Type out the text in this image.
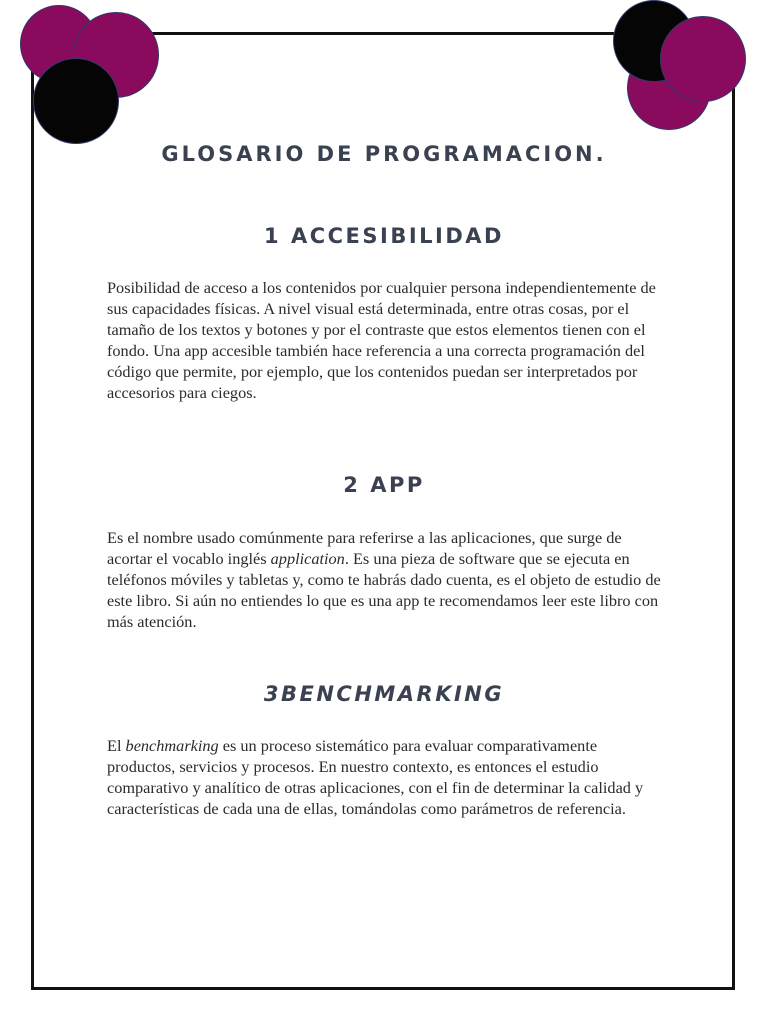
GLOSARIO DE PROGRAMACION.
1 ACCESIBILIDAD

Posibilidad de acceso a los contenidos por cualquier persona independientemente de sus capacidades físicas. A nivel visual está determinada, entre otras cosas, por el tamaño de los textos y botones y por el contraste que estos elementos tienen con el fondo. Una app accesible también hace referencia a una correcta programación del código que permite, por ejemplo, que los contenidos puedan ser interpretados por accesorios para ciegos.

2 APP

Es el nombre usado comúnmente para referirse a las aplicaciones, que surge de acortar el vocablo inglés application. Es una pieza de software que se ejecuta en teléfonos móviles y tabletas y, como te habrás dado cuenta, es el objeto de estudio de este libro. Si aún no entiendes lo que es una app te recomendamos leer este libro con más atención.

3BENCHMARKING

El benchmarking es un proceso sistemático para evaluar comparativamente productos, servicios y procesos. En nuestro contexto, es entonces el estudio comparativo y analítico de otras aplicaciones, con el fin de determinar la calidad y características de cada una de ellas, tomándolas como parámetros de referencia.
